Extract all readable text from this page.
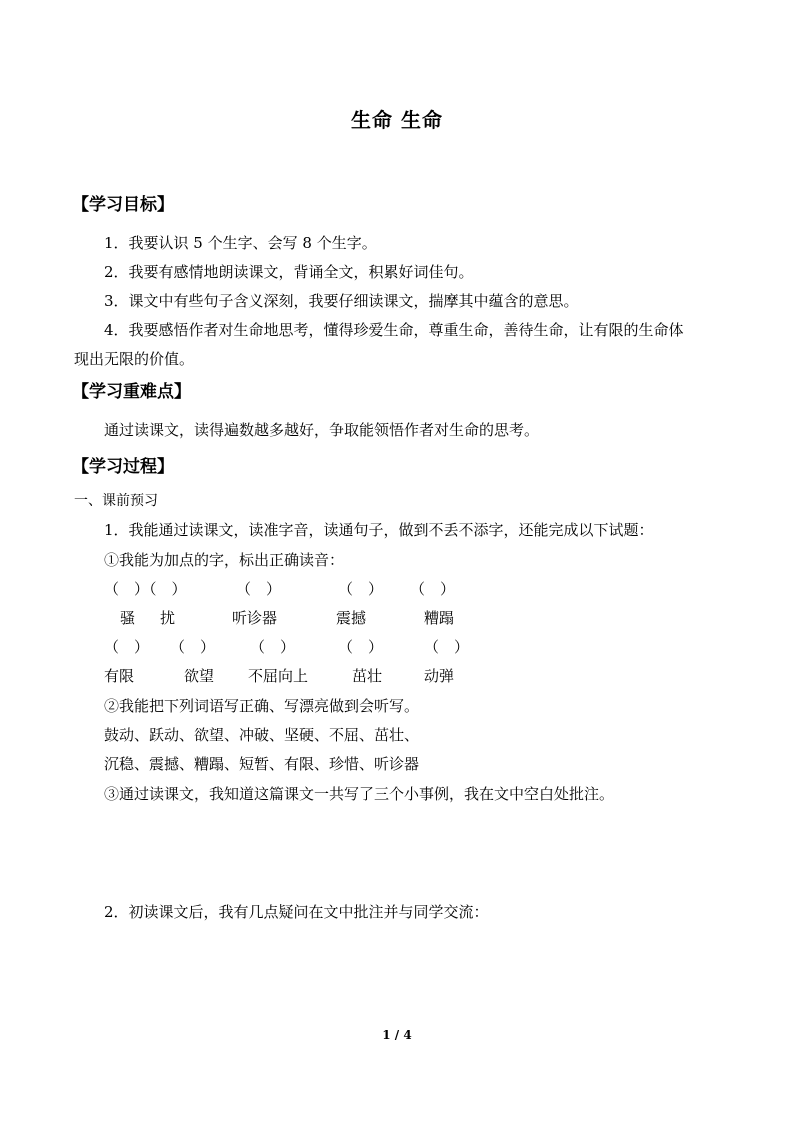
生命 生命
【学习目标】
1．我要认识 5 个生字、会写 8 个生字。
2．我要有感情地朗读课文，背诵全文，积累好词佳句。
3．课文中有些句子含义深刻，我要仔细读课文，揣摩其中蕴含的意思。
4．我要感悟作者对生命地思考，懂得珍爱生命，尊重生命，善待生命，让有限的生命体
现出无限的价值。
【学习重难点】
通过读课文，读得遍数越多越好，争取能领悟作者对生命的思考。
【学习过程】
一、课前预习
1．我能通过读课文，读准字音，读通句子，做到不丢不添字，还能完成以下试题：
①我能为加点的字，标出正确读音：
（　）（　）	（　）	（　） （　）
骚 扰	听诊器	震撼	糟蹋
（　） （　） （　）	（　）	（　）
有限	欲望 不屈向上	茁壮	动弹
②我能把下列词语写正确、写漂亮做到会听写。
鼓动、跃动、欲望、冲破、坚硬、不屈、茁壮、
沉稳、震撼、糟蹋、短暂、有限、珍惜、听诊器
③通过读课文，我知道这篇课文一共写了三个小事例，我在文中空白处批注。
2．初读课文后，我有几点疑问在文中批注并与同学交流：
1 / 4
